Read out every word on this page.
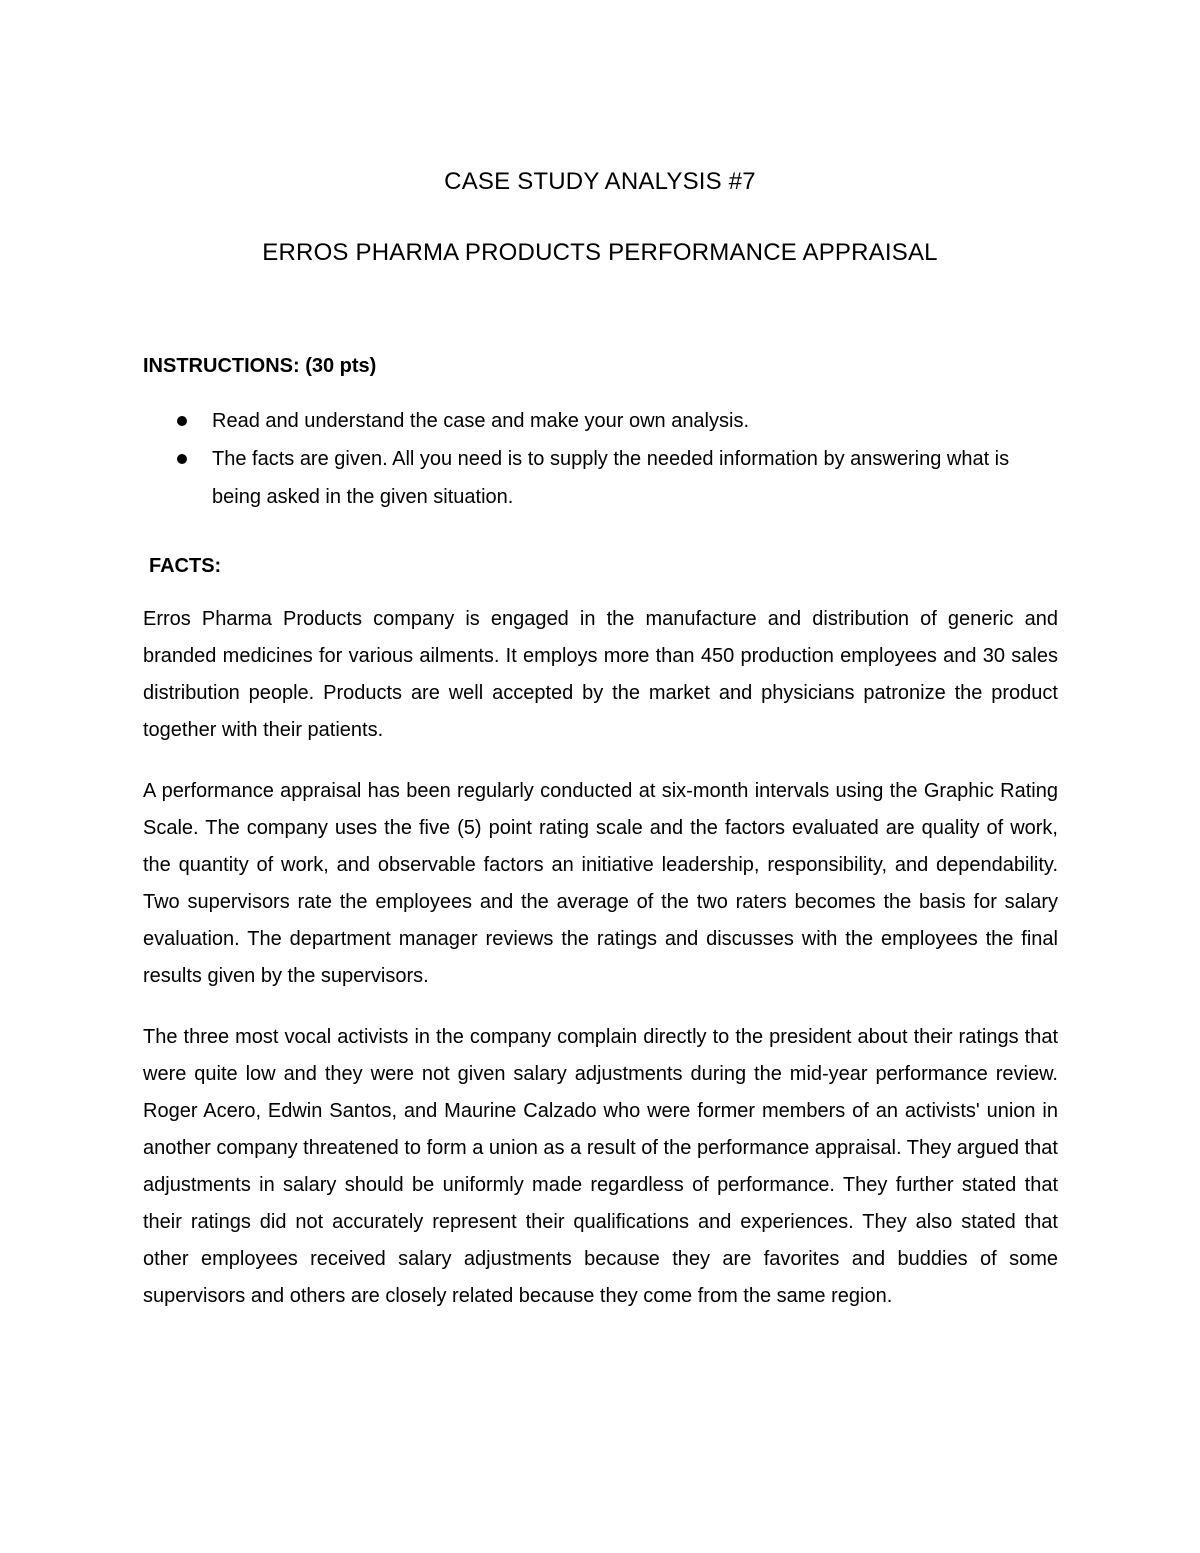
CASE STUDY ANALYSIS #7
ERROS PHARMA PRODUCTS PERFORMANCE APPRAISAL

INSTRUCTIONS: (30 pts)

Read and understand the case and make your own analysis.
The facts are given. All you need is to supply the needed information by answering what is being asked in the given situation.

FACTS:

Erros Pharma Products company is engaged in the manufacture and distribution of generic and branded medicines for various ailments. It employs more than 450 production employees and 30 sales distribution people. Products are well accepted by the market and physicians patronize the product together with their patients.

A performance appraisal has been regularly conducted at six-month intervals using the Graphic Rating Scale. The company uses the five (5) point rating scale and the factors evaluated are quality of work, the quantity of work, and observable factors an initiative leadership, responsibility, and dependability. Two supervisors rate the employees and the average of the two raters becomes the basis for salary evaluation. The department manager reviews the ratings and discusses with the employees the final results given by the supervisors.

The three most vocal activists in the company complain directly to the president about their ratings that were quite low and they were not given salary adjustments during the mid-year performance review. Roger Acero, Edwin Santos, and Maurine Calzado who were former members of an activists' union in another company threatened to form a union as a result of the performance appraisal. They argued that adjustments in salary should be uniformly made regardless of performance. They further stated that their ratings did not accurately represent their qualifications and experiences. They also stated that other employees received salary adjustments because they are favorites and buddies of some supervisors and others are closely related because they come from the same region.
